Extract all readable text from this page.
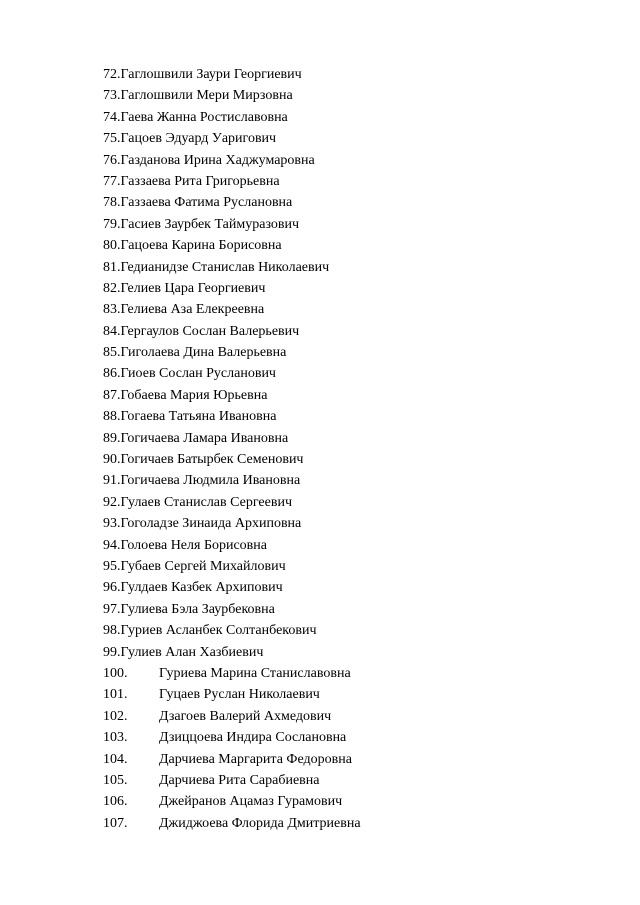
72.Гаглошвили Заури Георгиевич
73.Гаглошвили Мери Мирзовна
74.Гаева Жанна Ростиславовна
75.Гацоев Эдуард Уаригович
76.Газданова Ирина Хаджумаровна
77.Газзаева Рита Григорьевна
78.Газзаева Фатима Руслановна
79.Гасиев Заурбек Таймуразович
80.Гацоева Карина Борисовна
81.Гедианидзе Станислав Николаевич
82.Гелиев Цара Георгиевич
83.Гелиева Аза Елекреевна
84.Гергаулов Сослан Валерьевич
85.Гиголаева Дина Валерьевна
86.Гиоев Сослан Русланович
87.Гобаева Мария Юрьевна
88.Гогаева Татьяна Ивановна
89.Гогичаева Ламара Ивановна
90.Гогичаев Батырбек Семенович
91.Гогичаева Людмила Ивановна
92.Гулаев Станислав Сергеевич
93.Гоголадзе Зинаида Архиповна
94.Голоева Неля Борисовна
95.Губаев Сергей Михайлович
96.Гулдаев Казбек Архипович
97.Гулиева Бэла Заурбековна
98.Гуриев Асланбек Солтанбекович
99.Гулиев Алан Хазбиевич
100. Гуриева Марина Станиславовна
101. Гуцаев Руслан Николаевич
102. Дзагоев Валерий Ахмедович
103. Дзиццоева Индира Сослановна
104. Дарчиева Маргарита Федоровна
105. Дарчиева Рита Сарабиевна
106. Джейранов Ацамаз Гурамович
107. Джиджоева Флорида Дмитриевна
